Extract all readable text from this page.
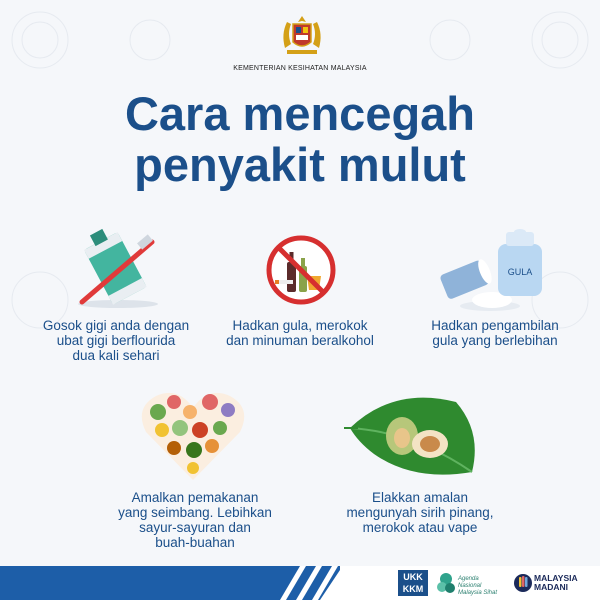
KEMENTERIAN KESIHATAN MALAYSIA
Cara mencegah
penyakit mulut
Gosok gigi anda dengan
ubat gigi berflourida
dua kali sehari
Hadkan gula, merokok
dan minuman beralkohol
GULA
Hadkan pengambilan
gula yang berlebihan
Amalkan pemakanan
yang seimbang. Lebihkan
sayur-sayuran dan
buah-buahan
Elakkan amalan
mengunyah sirih pinang,
merokok atau vape
UKK
KKM
Agenda Nasional
Malaysia Sihat
MALAYSIA
MADANI
